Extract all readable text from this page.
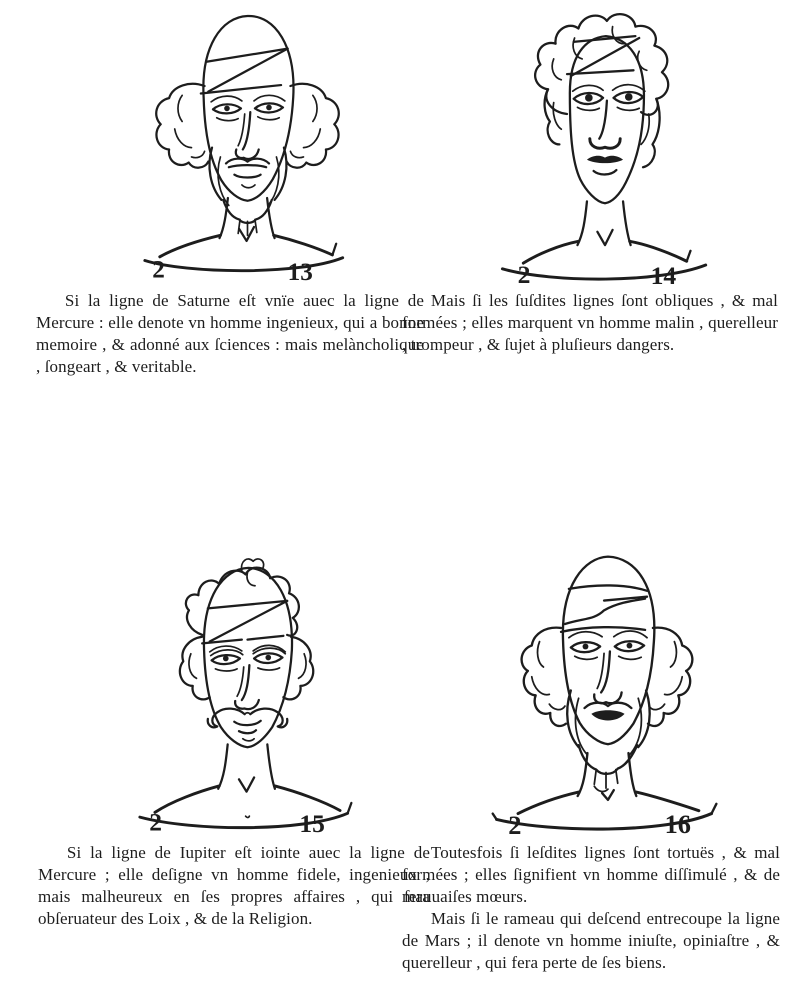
2	13	2	14

Si la ligne de Saturne eſt vnïe auec la ligne de Mercure : elle denote vn homme ingenieux, qui a bonne memoire , & adonné aux ſciences : mais melàncholique , ſongeart , & veritable.

Mais ſi les ſuſdites lignes ſont obliques , & mal formées ; elles marquent vn homme malin , querelleur , trompeur , & ſujet à pluſieurs dangers.

2	15	2	16

Si la ligne de Iupiter eſt iointe auec la ligne de Mercure ; elle deſigne vn homme fidele, ingenieux , mais malheureux en ſes propres affaires , qui ſera obſeruateur des Loix , & de la Religion.

Toutesfois ſi leſdites lignes ſont tortuës , & mal formées ; elles ſignifient vn homme diſſimulé , & de mauuaiſes mœurs.

Mais ſi le rameau qui deſcend entrecoupe la ligne de Mars ; il denote vn homme iniuſte, opiniaſtre , & querelleur , qui fera perte de ſes biens.
